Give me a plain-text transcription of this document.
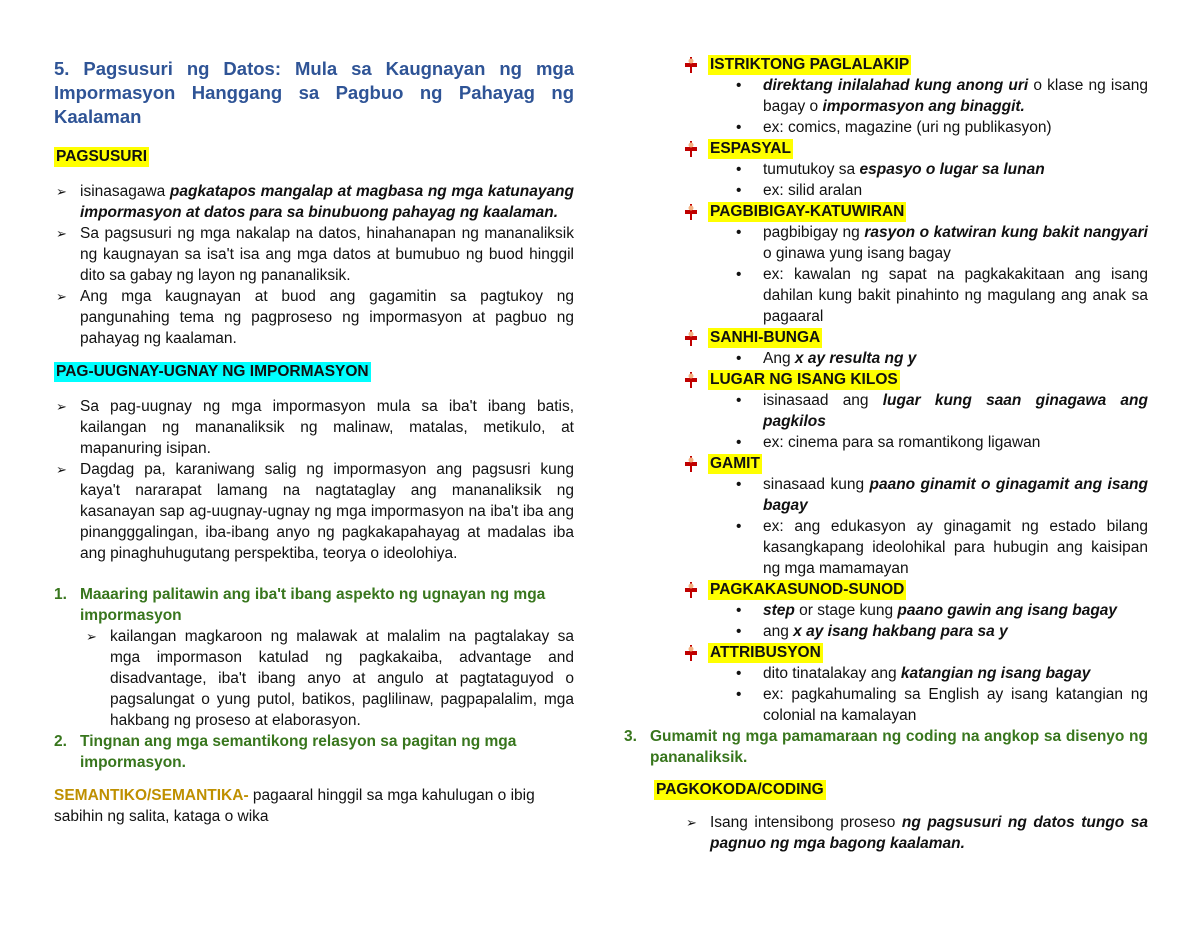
5. Pagsusuri ng Datos: Mula sa Kaugnayan ng mga Impormasyon Hanggang sa Pagbuo ng Pahayag ng Kaalaman
PAGSUSURI
➢ isinasagawa pagkatapos mangalap at magbasa ng mga katunayang impormasyon at datos para sa binubuong pahayag ng kaalaman.
➢ Sa pagsusuri ng mga nakalap na datos, hinahanapan ng mananaliksik ng kaugnayan sa isa't isa ang mga datos at bumubuo ng buod hinggil dito sa gabay ng layon ng pananaliksik.
➢ Ang mga kaugnayan at buod ang gagamitin sa pagtukoy ng pangunahing tema ng pagproseso ng impormasyon at pagbuo ng pahayag ng kaalaman.
PAG-UUGNAY-UGNAY NG IMPORMASYON
➢ Sa pag-uugnay ng mga impormasyon mula sa iba't ibang batis, kailangan ng mananaliksik ng malinaw, matalas, metikulo, at mapanuring isipan.
➢ Dagdag pa, karaniwang salig ng impormasyon ang pagsusri kung kaya't nararapat lamang na nagtataglay ang mananaliksik ng kasanayan sap ag-uugnay-ugnay ng mga impormasyon na iba't iba ang pinangggalingan, iba-ibang anyo ng pagkakapahayag at madalas iba ang pinaghuhugutang perspektiba, teorya o ideolohiya.
1. Maaaring palitawin ang iba't ibang aspekto ng ugnayan ng mga impormasyon
➢ kailangan magkaroon ng malawak at malalim na pagtalakay sa mga impormason katulad ng pagkakaiba, advantage and disadvantage, iba't ibang anyo at angulo at pagtataguyod o pagsalungat o yung putol, batikos, paglilinaw, pagpapalalim, mga hakbang ng proseso at elaborasyon.
2. Tingnan ang mga semantikong relasyon sa pagitan ng mga impormasyon.
SEMANTIKO/SEMANTIKA- pagaaral hinggil sa mga kahulugan o ibig sabihin ng salita, kataga o wika
ISTRIKTONG PAGLALAKIP
• direktang inilalahad kung anong uri o klase ng isang bagay o impormasyon ang binaggit.
• ex: comics, magazine (uri ng publikasyon)
ESPASYAL
• tumutukoy sa espasyo o lugar sa lunan
• ex: silid aralan
PAGBIBIGAY-KATUWIRAN
• pagbibigay ng rasyon o katwiran kung bakit nangyari o ginawa yung isang bagay
• ex: kawalan ng sapat na pagkakakitaan ang isang dahilan kung bakit pinahinto ng magulang ang anak sa pagaaral
SANHI-BUNGA
• Ang x ay resulta ng y
LUGAR NG ISANG KILOS
• isinasaad ang lugar kung saan ginagawa ang pagkilos
• ex: cinema para sa romantikong ligawan
GAMIT
• sinasaad kung paano ginamit o ginagamit ang isang bagay
• ex: ang edukasyon ay ginagamit ng estado bilang kasangkapang ideolohikal para hubugin ang kaisipan ng mga mamamayan
PAGKAKASUNOD-SUNOD
• step or stage kung paano gawin ang isang bagay
• ang x ay isang hakbang para sa y
ATTRIBUSYON
• dito tinatalakay ang katangian ng isang bagay
• ex: pagkahumaling sa English ay isang katangian ng colonial na kamalayan
3. Gumamit ng mga pamamaraan ng coding na angkop sa disenyo ng pananaliksik.
PAGKOKODA/CODING
➢ Isang intensibong proseso ng pagsusuri ng datos tungo sa pagnuo ng mga bagong kaalaman.
